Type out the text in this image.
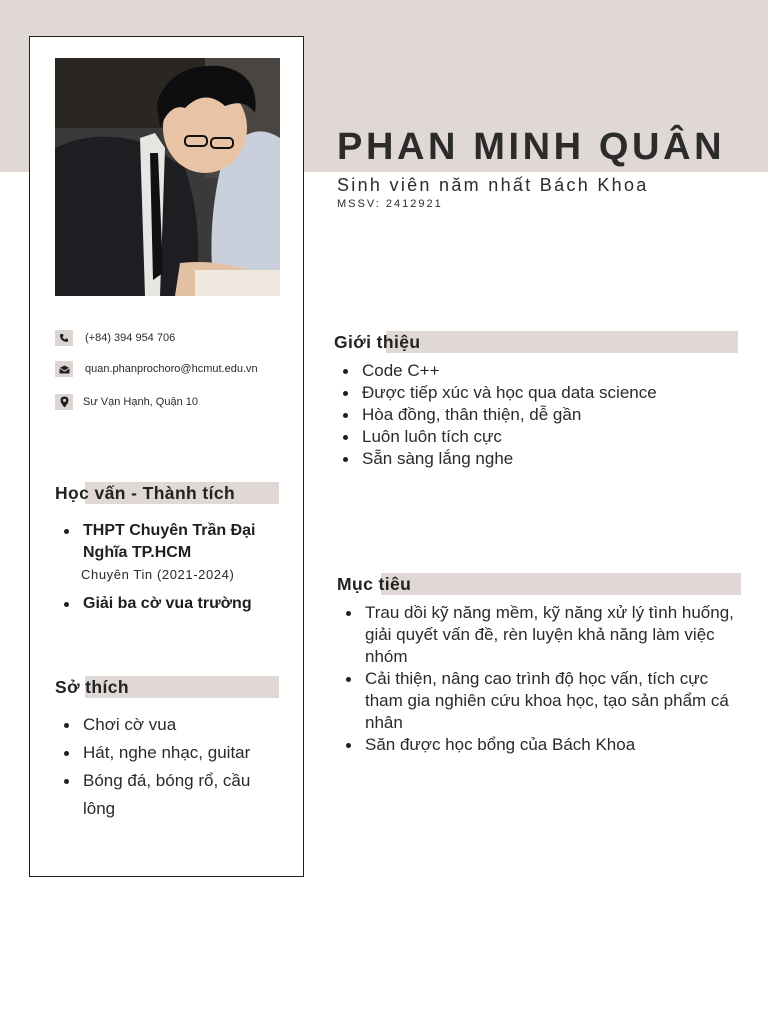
(+84) 394 954 706
quan.phanprochoro@hcmut.edu.vn
Sư Vạn Hạnh, Quận 10
Học vấn - Thành tích
THPT Chuyên Trần Đại Nghĩa TP.HCM
Chuyên Tin (2021-2024)
Giải ba cờ vua trường
Sở thích
Chơi cờ vua
Hát, nghe nhạc, guitar
Bóng đá, bóng rổ, cầu lông
PHAN MINH QUÂN
Sinh viên năm nhất Bách Khoa
MSSV: 2412921
Giới thiệu
Code C++
Được tiếp xúc và học qua data science
Hòa đồng, thân thiện, dễ gần
Luôn luôn tích cực
Sẵn sàng lắng nghe
Mục tiêu
Trau dồi kỹ năng mềm, kỹ năng xử lý tình huống, giải quyết vấn đề, rèn luyện khả năng làm việc nhóm
Cải thiện, nâng cao trình độ học vấn, tích cực tham gia nghiên cứu khoa học, tạo sản phẩm cá nhân
Săn được học bổng của Bách Khoa
